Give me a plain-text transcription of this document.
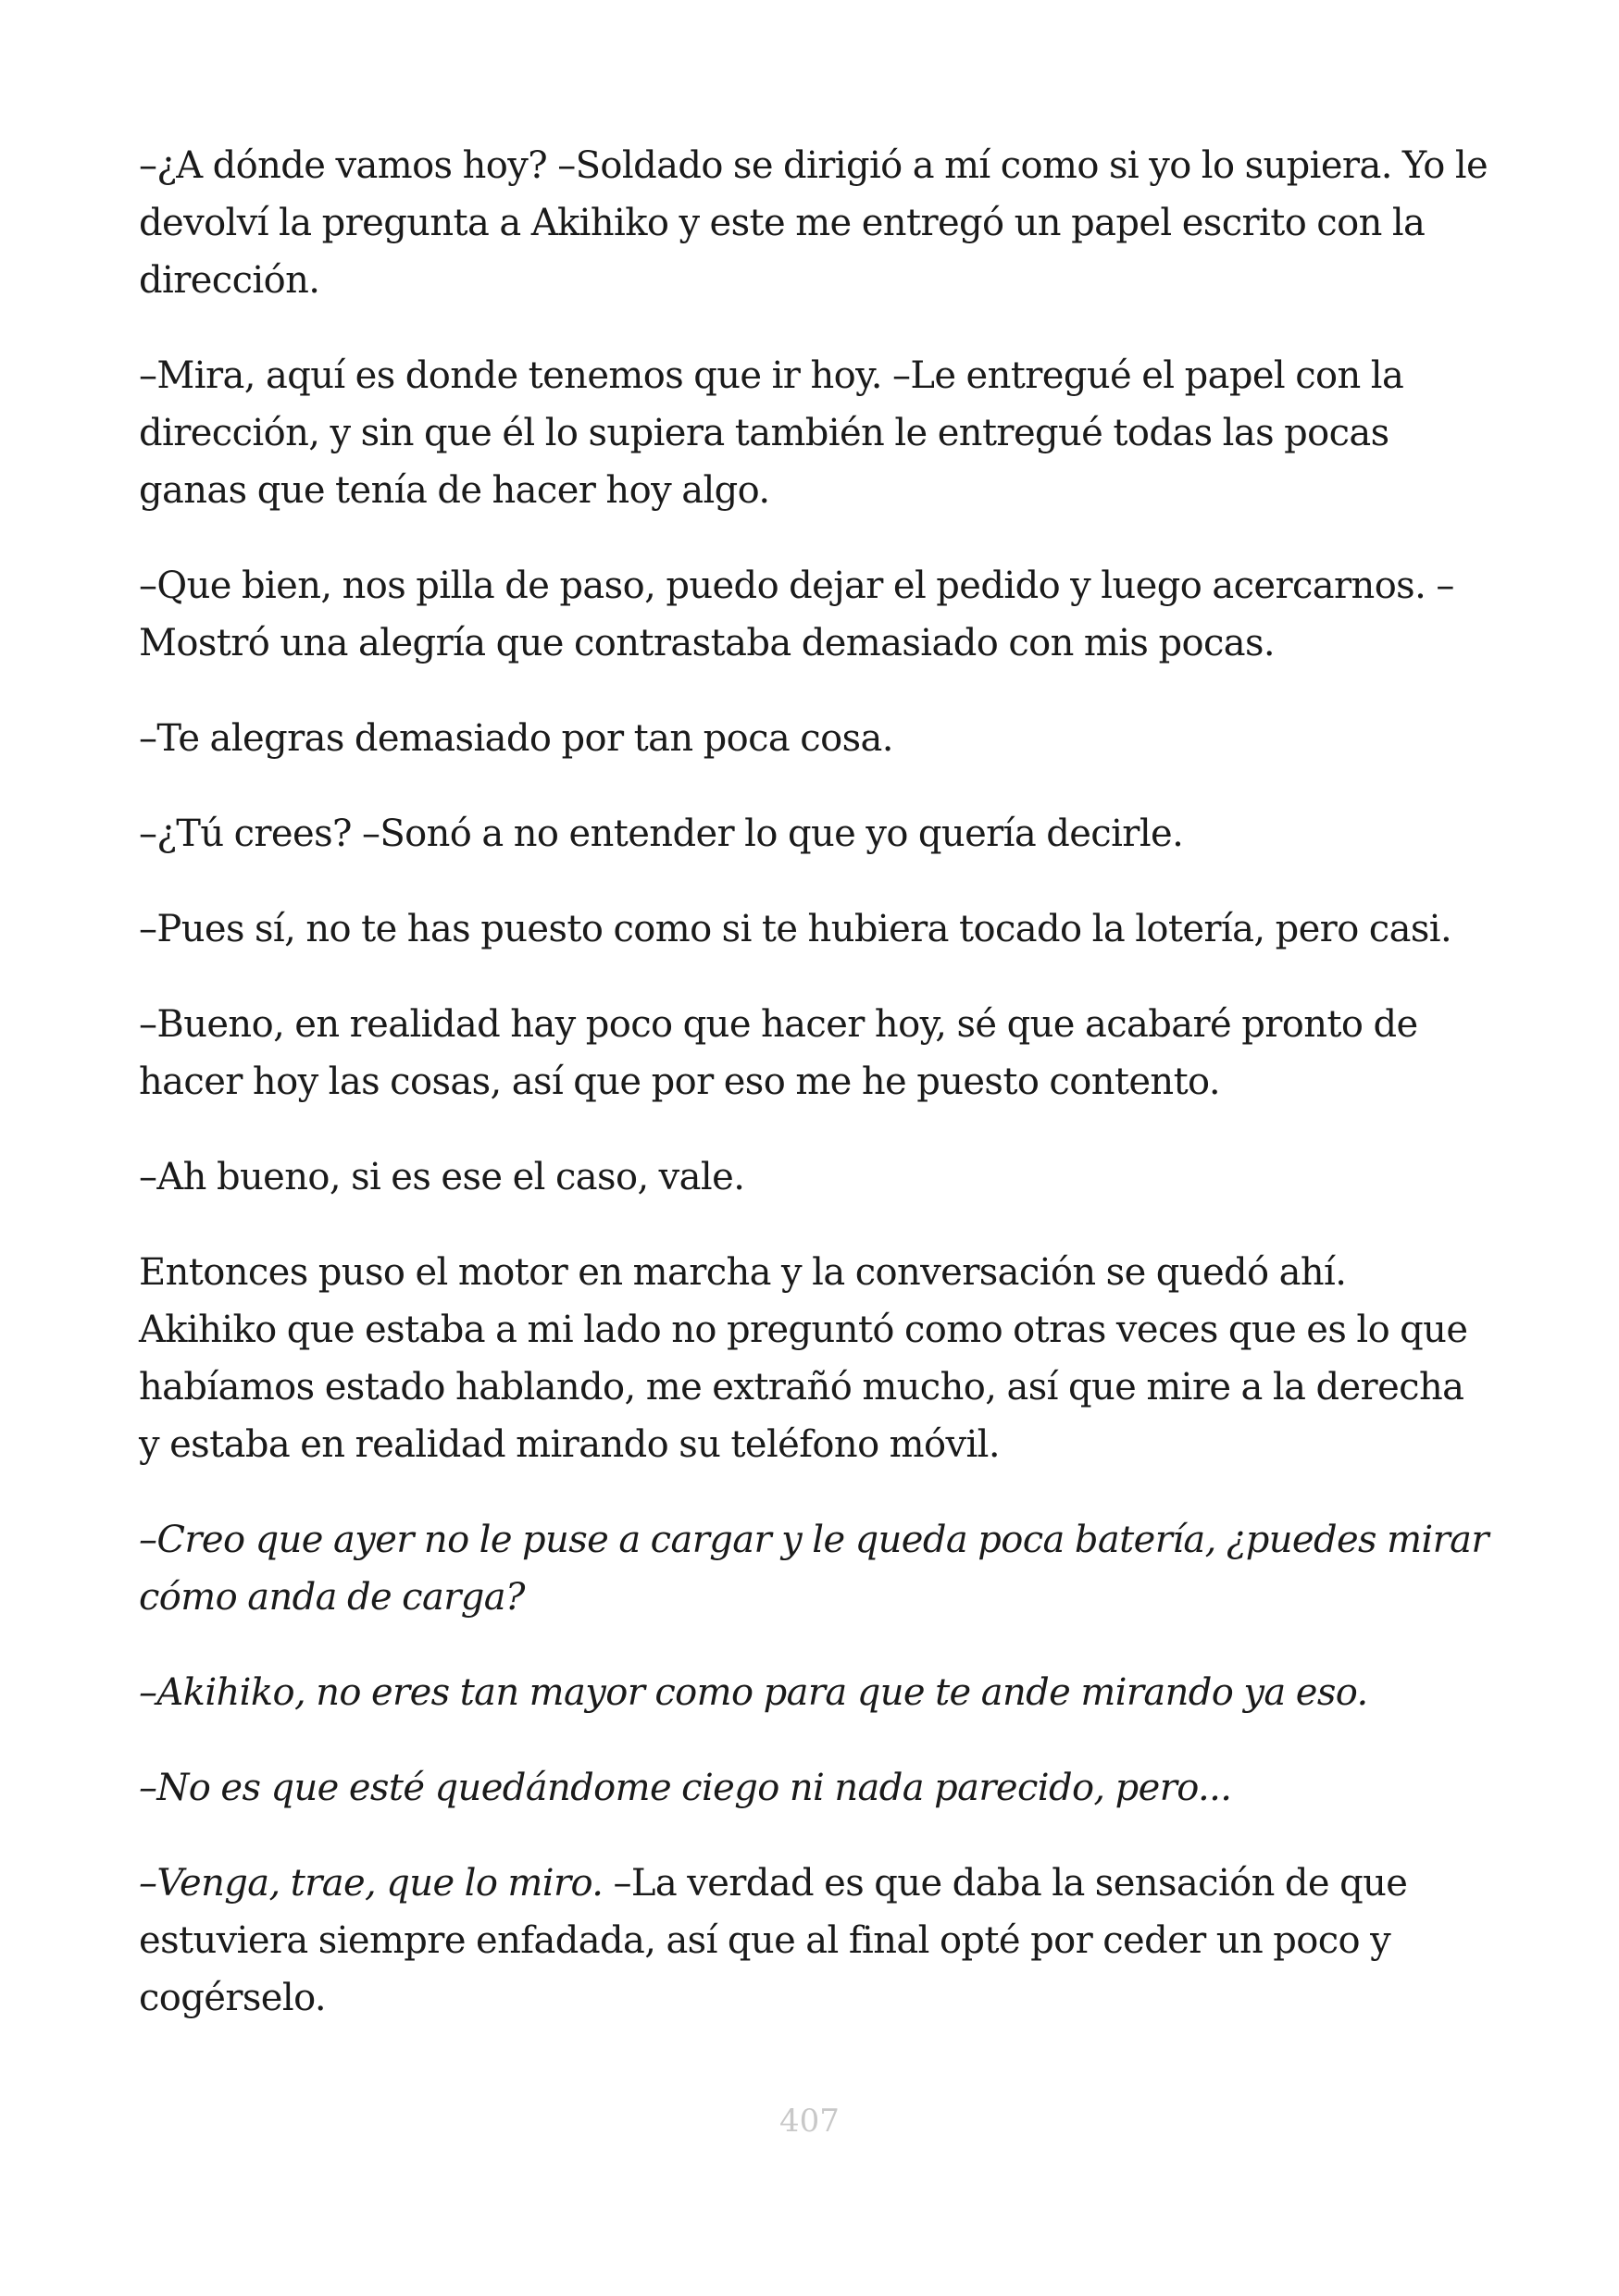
–¿A dónde vamos hoy? –Soldado se dirigió a mí como si yo lo supiera. Yo le devolví la pregunta a Akihiko y este me entregó un papel escrito con la dirección.

–Mira, aquí es donde tenemos que ir hoy. –Le entregué el papel con la dirección, y sin que él lo supiera también le entregué todas las pocas ganas que tenía de hacer hoy algo.

–Que bien, nos pilla de paso, puedo dejar el pedido y luego acercarnos. –Mostró una alegría que contrastaba demasiado con mis pocas.

–Te alegras demasiado por tan poca cosa.

–¿Tú crees? –Sonó a no entender lo que yo quería decirle.

–Pues sí, no te has puesto como si te hubiera tocado la lotería, pero casi.

–Bueno, en realidad hay poco que hacer hoy, sé que acabaré pronto de hacer hoy las cosas, así que por eso me he puesto contento.

–Ah bueno, si es ese el caso, vale.

Entonces puso el motor en marcha y la conversación se quedó ahí. Akihiko que estaba a mi lado no preguntó como otras veces que es lo que habíamos estado hablando, me extrañó mucho, así que mire a la derecha y estaba en realidad mirando su teléfono móvil.

–Creo que ayer no le puse a cargar y le queda poca batería, ¿puedes mirar cómo anda de carga?

–Akihiko, no eres tan mayor como para que te ande mirando ya eso.

–No es que esté quedándome ciego ni nada parecido, pero...

–Venga, trae, que lo miro. –La verdad es que daba la sensación de que estuviera siempre enfadada, así que al final opté por ceder un poco y cogérselo.

407
